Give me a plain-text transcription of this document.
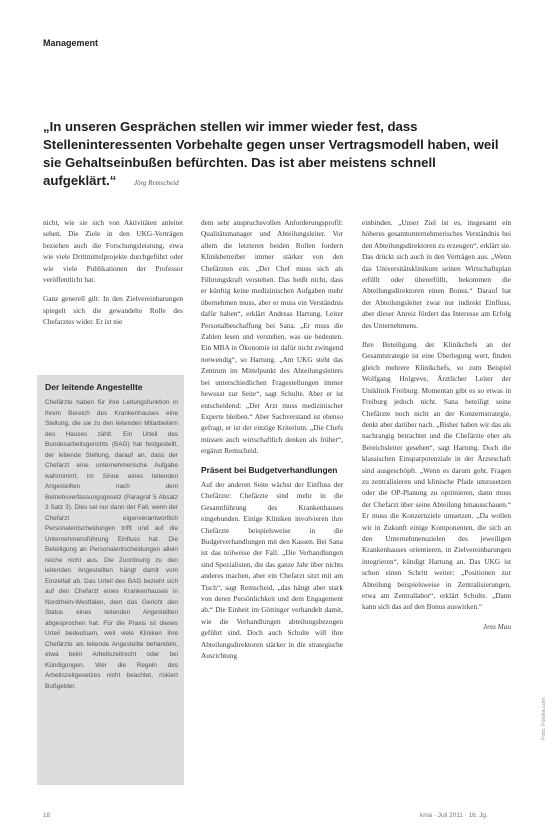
Management
„In unseren Gesprächen stellen wir immer wieder fest, dass Stelleninteressenten Vorbehalte gegen unser Vertragsmodell haben, weil sie Gehaltseinbußen befürchten. Das ist aber meistens schnell aufgeklärt.“	Jörg Remscheid

nicht, wie sie sich von Aktivitäten anleitet sehen. Die Ziele in den UKG-Verträgen beziehen auch die Forschungsleistung, etwa wie viele Drittmittelprojekte durchgeführt oder wie viele Publikationen der Professor veröffentlicht hat.

Ganz generell gilt: In den Zielvereinbarungen spiegelt sich die gewandelte Rolle des Chefarztes wider. Er ist nie

Der leitende Angestellte
Chefärzte haben für ihre Leitungsfunktion in ihrem Bereich des Krankenhauses eine Stellung, die sie zu den leitenden Mitarbeitern des Hauses zählt. Ein Urteil des Bundesarbeitsgerichts (BAG) hat festgestellt, der leitende Stellung, darauf an, dass der Chefarzt eine unternehmerische Aufgabe wahrnimmt, im Sinne eines leitenden Angestellten nach dem Betriebsverfassungsgesetz (Paragraf 5 Absatz 3 Satz 3). Dies sei nur dann der Fall, wenn der Chefarzt eigenverantwortlich Personalentscheidungen trifft und auf die Unternehmensführung Einfluss hat. Die Beteiligung an Personalentscheidungen allein reiche nicht aus. Die Zuordnung zu den leitenden Angestellten hängt damit vom Einzelfall ab. Das Urteil des BAG bezieht sich auf den Chefarzt eines Krankenhauses in Nordrhein-Westfalen, dem das Gericht den Status eines leitenden Angestellten abgesprochen hat. Für die Praxis ist dieses Urteil bedeutsam, weil viele Kliniken ihre Chefärzte als leitende Angestellte behandeln, etwa beim Arbeitszeitrecht oder bei Kündigungen. Wer die Regeln des Arbeitszeitgesetzes nicht beachtet, riskiert Bußgelder.

dem sehr anspruchsvollen Anforderungsprofil: Qualitätsmanager und Abteilungsleiter. Vor allem die letzteren beiden Rollen fordern Klinikbetreiber immer stärker von den Chefärzten ein. „Der Chef muss sich als Führungskraft verstehen. Das heißt nicht, dass er künftig keine medizinischen Aufgaben mehr übernehmen muss, aber er muss ein Verständnis dafür haben“, erklärt Andreas Hartung, Leiter Personalbeschaffung bei Sana. „Er muss die Zahlen lesen und verstehen, was sie bedeuten. Ein MBA in Ökonomie ist dafür nicht zwingend notwendig“, so Hartung. „Am UKG steht das Zentrum im Mittelpunkt des Abteilungsleiters bei unterschiedlichen Fragestellungen immer bewusst zur Seite“, sagt Schulte. Aber er ist entscheidend: „Der Arzt muss medizinischer Experte bleiben.“ Aber Sachverstand ist ebenso gefragt, er ist der einzige Kriterium. „Die Chefs müssen auch wirtschaftlich denken als früher“, ergänzt Remscheid.

Präsent bei Budgetverhandlungen

Auf der anderen Seite wächst der Einfluss der Chefärzte: Chefärzte sind mehr in die Gesamtführung des Krankenhauses eingebunden. Einige Kliniken involvieren ihre Chefärzte beispielsweise in die Budgetverhandlungen mit den Kassen. Bei Sana ist das teilweise der Fall. „Die Verhandlungen sind Spezialisten, die das ganze Jahr über nichts anderes machen, aber ein Chefarzt sitzt mit am Tisch“, sagt Remscheid, „das hängt aber stark von deren Persönlichkeit und dem Engagement ab.“ Die Einheit im Göttinger verhandelt damit, wie die Verhandlungen abteilungsbezogen geführt sind. Doch auch Schulte will ihre Abteilungsdirektoren stärker in die strategische Ausrichtung

einbinden. „Unser Ziel ist es, insgesamt ein höheres gesamtunternehmerisches Verständnis bei den Abteilungsdirektoren zu erzeugen“, erklärt sie. Das drückt sich auch in den Verträgen aus. „Wenn das Universitätsklinikum seinen Wirtschaftsplan erfüllt oder übererfüllt, bekommen die Abteilungsdirektoren einen Bonus.“ Darauf hat der Abteilungsleiter zwar nur indirekt Einfluss, aber dieser Anreiz fördert das Interesse am Erfolg des Unternehmens.

Ihre Beteiligung der Klinikchefs an der Gesamtstrategie ist eine Überlegung wert, finden gleich mehrere Klinikchefs, so zum Beispiel Wolfgang Holgreve, Ärztlicher Leiter der Uniklinik Freiburg. Momentan gibt es so etwas in Freiburg jedoch nicht. Sana beteiligt seine Chefärzte noch nicht an der Konzernstrategie, denkt aber darüber nach. „Bisher haben wir das als nachrangig betrachtet und die Chefärzte eher als Bereichsleiter gesehen“, sagt Hartung. Doch die klassischen Einsparpotenziale in der Ärzteschaft sind ausgeschöpft. „Wenn es darum geht, Fragen zu zentralisieren und klinische Pfade umzusetzen oder die OP-Planung zu optimieren, dann muss der Chefarzt über seine Abteilung hinausschauen.“ Er muss die Konzernziele umsetzen. „Da wollen wir in Zukunft einige Komponenten, die sich an den Unternehmenszielen des jeweiligen Krankenhauses orientieren, in Zielvereinbarungen integrieren“, kündigt Hartung an. Das UKG ist schon einen Schritt weiter: „Positionen zur Abteilung beispielsweise in Zentralisierungen, etwa am Zentrallabor“, erklärt Schulte. „Dann kann sich das auf den Bonus auswirken.“

Jens Mau

18	kma · Juli 2011 · 16. Jg.
Foto: Fotolia.com
